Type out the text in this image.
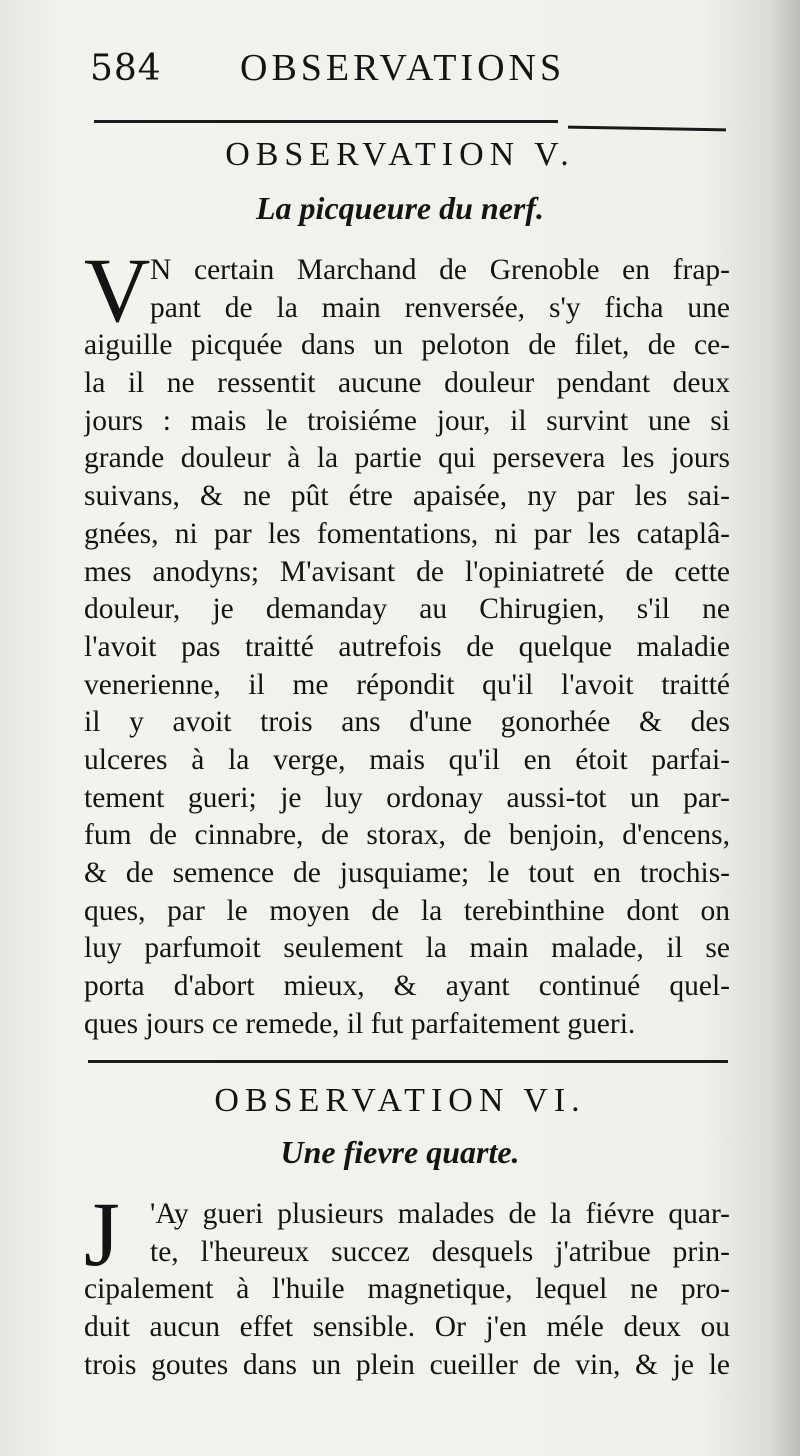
584 OBSERVATIONS
OBSERVATION V.
La picqueure du nerf.
V N certain Marchand de Grenoble en frap-
pant de la main renversée, s'y ficha une
aiguille picquée dans un peloton de filet, de ce-
la il ne ressentit aucune douleur pendant deux
jours : mais le troisiéme jour, il survint une si
grande douleur à la partie qui persevera les jours
suivans, & ne pût étre apaisée, ny par les sai-
gnées, ni par les fomentations, ni par les cataplâ-
mes anodyns; M'avisant de l'opiniatreté de cette
douleur, je demanday au Chirugien, s'il ne
l'avoit pas traitté autrefois de quelque maladie
venerienne, il me répondit qu'il l'avoit traitté
il y avoit trois ans d'une gonorhée & des
ulceres à la verge, mais qu'il en étoit parfai-
tement gueri; je luy ordonay aussi-tot un par-
fum de cinnabre, de storax, de benjoin, d'encens,
& de semence de jusquiame; le tout en trochis-
ques, par le moyen de la terebinthine dont on
luy parfumoit seulement la main malade, il se
porta d'abort mieux, & ayant continué quel-
ques jours ce remede, il fut parfaitement gueri.
OBSERVATION VI.
Une fievre quarte.
J	'Ay gueri plusieurs malades de la fiévre quar-
te, l'heureux succez desquels j'atribue prin-
cipalement à l'huile magnetique, lequel ne pro-
duit aucun effet sensible. Or j'en méle deux ou
trois goutes dans un plein cueiller de vin, & je le
